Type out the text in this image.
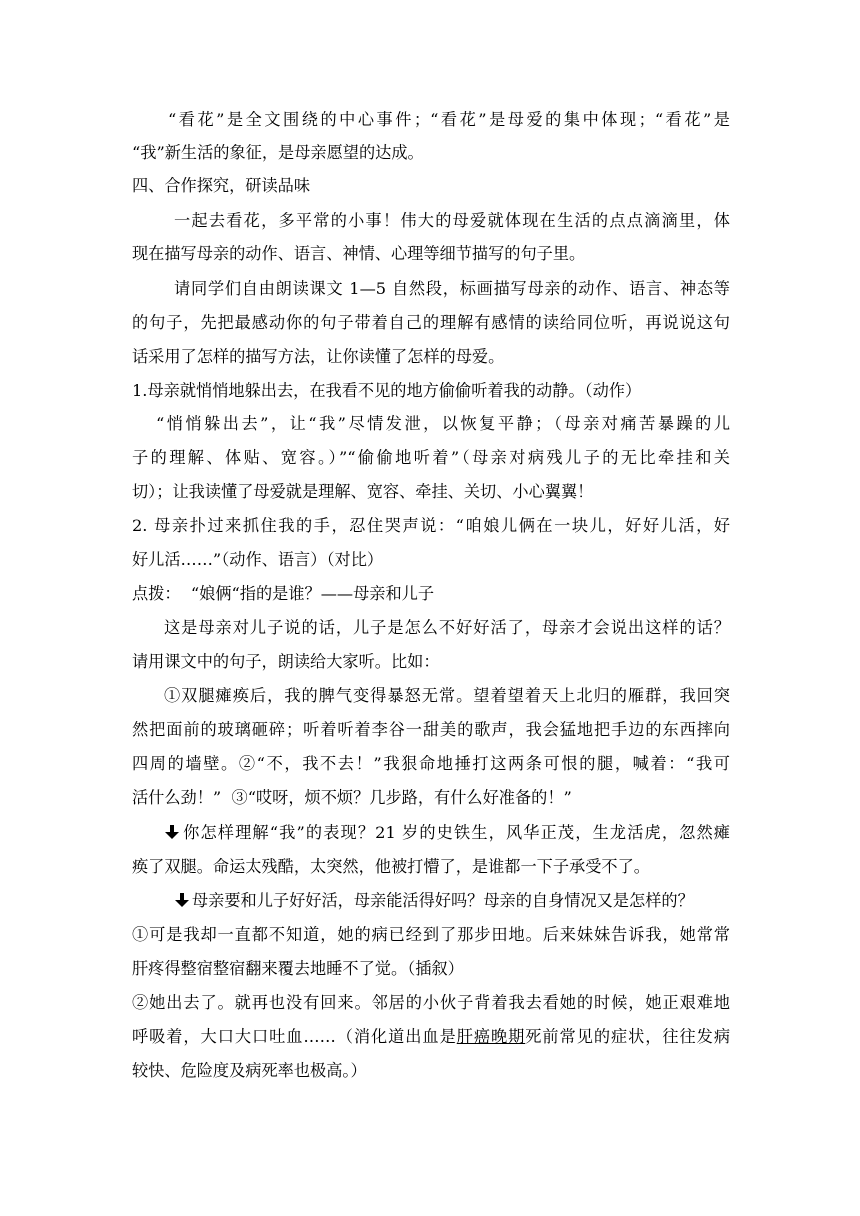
“看花”是全文围绕的中心事件；“看花”是母爱的集中体现；“看花”是
“我”新生活的象征，是母亲愿望的达成。
四、合作探究，研读品味
一起去看花，多平常的小事！伟大的母爱就体现在生活的点点滴滴里，体
现在描写母亲的动作、语言、神情、心理等细节描写的句子里。
请同学们自由朗读课文 1—5 自然段，标画描写母亲的动作、语言、神态等
的句子，先把最感动你的句子带着自己的理解有感情的读给同位听，再说说这句
话采用了怎样的描写方法，让你读懂了怎样的母爱。
1.母亲就悄悄地躲出去，在我看不见的地方偷偷听着我的动静。（动作）
“悄悄躲出去”，让“我”尽情发泄，以恢复平静；（母亲对痛苦暴躁的儿
子的理解、体贴、宽容。）”“偷偷地听着”（母亲对病残儿子的无比牵挂和关
切）；让我读懂了母爱就是理解、宽容、牵挂、关切、小心翼翼！
2. 母亲扑过来抓住我的手，忍住哭声说：“咱娘儿俩在一块儿，好好儿活，好
好儿活……”（动作、语言）（对比）
点拨：  “娘俩“指的是谁？——母亲和儿子
这是母亲对儿子说的话，儿子是怎么不好好活了，母亲才会说出这样的话？
请用课文中的句子，朗读给大家听。比如：
①双腿瘫痪后，我的脾气变得暴怒无常。望着望着天上北归的雁群，我回突
然把面前的玻璃砸碎；听着听着李谷一甜美的歌声，我会猛地把手边的东西摔向
四周的墙壁。②“不，我不去！”我狠命地捶打这两条可恨的腿，喊着：“我可
活什么劲！”  ③“哎呀，烦不烦？几步路，有什么好准备的！”
你怎样理解“我”的表现？21 岁的史铁生，风华正茂，生龙活虎，忽然瘫
痪了双腿。命运太残酷，太突然，他被打懵了，是谁都一下子承受不了。
母亲要和儿子好好活，母亲能活得好吗？母亲的自身情况又是怎样的？
①可是我却一直都不知道，她的病已经到了那步田地。后来妹妹告诉我，她常常
肝疼得整宿整宿翻来覆去地睡不了觉。（插叙）
②她出去了。就再也没有回来。邻居的小伙子背着我去看她的时候，她正艰难地
呼吸着，大口大口吐血……（消化道出血是肝癌晚期死前常见的症状，往往发病
较快、危险度及病死率也极高。）
